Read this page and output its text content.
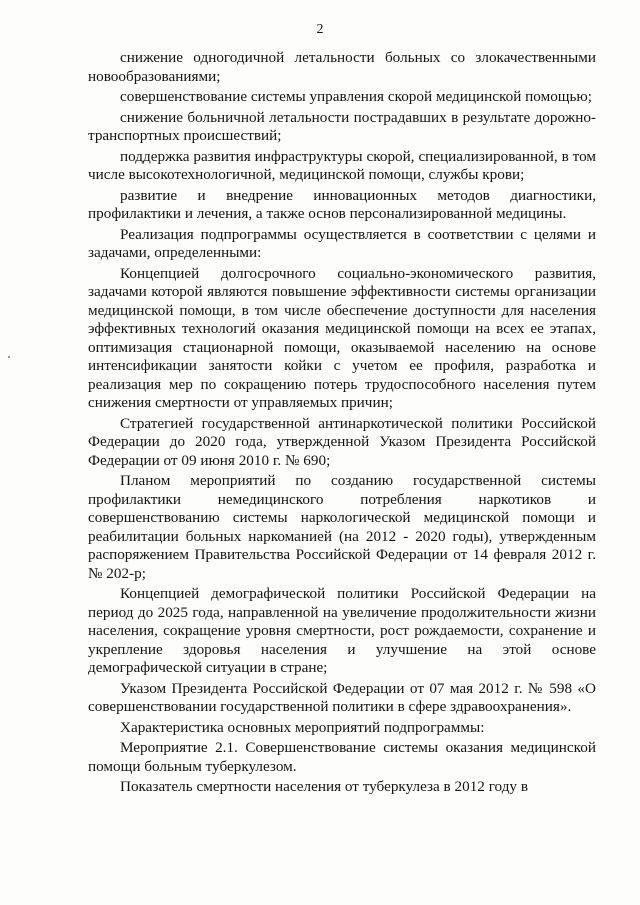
2

снижение одногодичной летальности больных со злокачественными новообразованиями;

совершенствование системы управления скорой медицинской помощью;

снижение больничной летальности пострадавших в результате дорожно-транспортных происшествий;

поддержка развития инфраструктуры скорой, специализированной, в том числе высокотехнологичной, медицинской помощи, службы крови;

развитие и внедрение инновационных методов диагностики, профилактики и лечения, а также основ персонализированной медицины.

Реализация подпрограммы осуществляется в соответствии с целями и задачами, определенными:

Концепцией долгосрочного социально-экономического развития, задачами которой являются повышение эффективности системы организации медицинской помощи, в том числе обеспечение доступности для населения эффективных технологий оказания медицинской помощи на всех ее этапах, оптимизация стационарной помощи, оказываемой населению на основе интенсификации занятости койки с учетом ее профиля, разработка и реализация мер по сокращению потерь трудоспособного населения путем снижения смертности от управляемых причин;

Стратегией государственной антинаркотической политики Российской Федерации до 2020 года, утвержденной Указом Президента Российской Федерации от 09 июня 2010 г. № 690;

Планом мероприятий по созданию государственной системы профилактики немедицинского потребления наркотиков и совершенствованию системы наркологической медицинской помощи и реабилитации больных наркоманией (на 2012 - 2020 годы), утвержденным распоряжением Правительства Российской Федерации от 14 февраля 2012 г. № 202-р;

Концепцией демографической политики Российской Федерации на период до 2025 года, направленной на увеличение продолжительности жизни населения, сокращение уровня смертности, рост рождаемости, сохранение и укрепление здоровья населения и улучшение на этой основе демографической ситуации в стране;

Указом Президента Российской Федерации от 07 мая 2012 г. № 598 «О совершенствовании государственной политики в сфере здравоохранения».

Характеристика основных мероприятий подпрограммы:

Мероприятие 2.1. Совершенствование системы оказания медицинской помощи больным туберкулезом.

Показатель смертности населения от туберкулеза в 2012 году в
